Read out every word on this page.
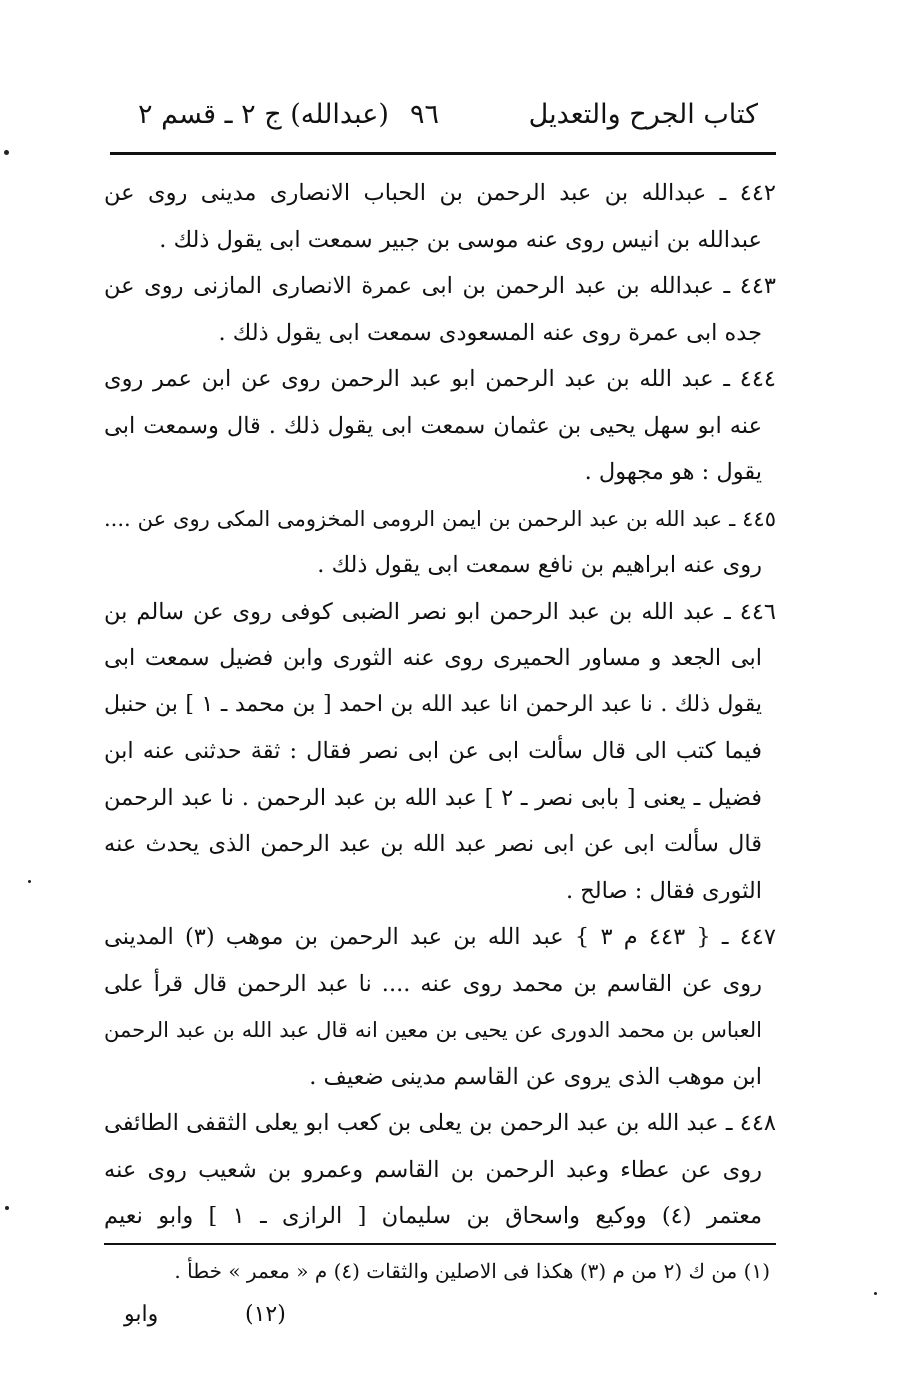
كتاب الجرح والتعديل
٩٦
(عبدالله) ج ٢ ـ قسم ٢
٤٤٢ ـ عبدالله بن عبد الرحمن بن الحباب الانصارى مدينى روى عن
عبدالله بن انيس روى عنه موسى بن جبير سمعت ابى يقول ذلك .
٤٤٣ ـ عبدالله بن عبد الرحمن بن ابى عمرة الانصارى المازنى روى عن
جده ابى عمرة روى عنه المسعودى سمعت ابى يقول ذلك .
٤٤٤ ـ عبد الله بن عبد الرحمن ابو عبد الرحمن روى عن ابن عمر روى
عنه ابو سهل يحيى بن عثمان سمعت ابى يقول ذلك . قال وسمعت ابى
يقول : هو مجهول .
٤٤٥ ـ عبد الله بن عبد الرحمن بن ايمن الرومى المخزومى المكى روى عن ....
روى عنه ابراهيم بن نافع سمعت ابى يقول ذلك .
٤٤٦ ـ عبد الله بن عبد الرحمن ابو نصر الضبى كوفى روى عن سالم بن
ابى الجعد و مساور الحميرى روى عنه الثورى وابن فضيل سمعت ابى
يقول ذلك . نا عبد الرحمن انا عبد الله بن احمد [ بن محمد ـ ١ ] بن حنبل
فيما كتب الى قال سألت ابى عن ابى نصر فقال : ثقة حدثنى عنه ابن
فضيل ـ يعنى [ بابى نصر ـ ٢ ] عبد الله بن عبد الرحمن . نا عبد الرحمن
قال سألت ابى عن ابى نصر عبد الله بن عبد الرحمن الذى يحدث عنه
الثورى فقال : صالح .
٤٤٧ ـ { ٤٤٣ م ٣ } عبد الله بن عبد الرحمن بن موهب (٣) المدينى
روى عن القاسم بن محمد روى عنه .... نا عبد الرحمن قال قرأ على
العباس بن محمد الدورى عن يحيى بن معين انه قال عبد الله بن عبد الرحمن
ابن موهب الذى يروى عن القاسم مدينى ضعيف .
٤٤٨ ـ عبد الله بن عبد الرحمن بن يعلى بن كعب ابو يعلى الثقفى الطائفى
روى عن عطاء وعبد الرحمن بن القاسم وعمرو بن شعيب روى عنه
معتمر (٤) ووكيع واسحاق بن سليمان [ الرازى ـ ١ ] وابو نعيم
(١) من ك (٢ من م (٣) هكذا فى الاصلين والثقات (٤) م « معمر » خطأ .
(١٢)
وابو
